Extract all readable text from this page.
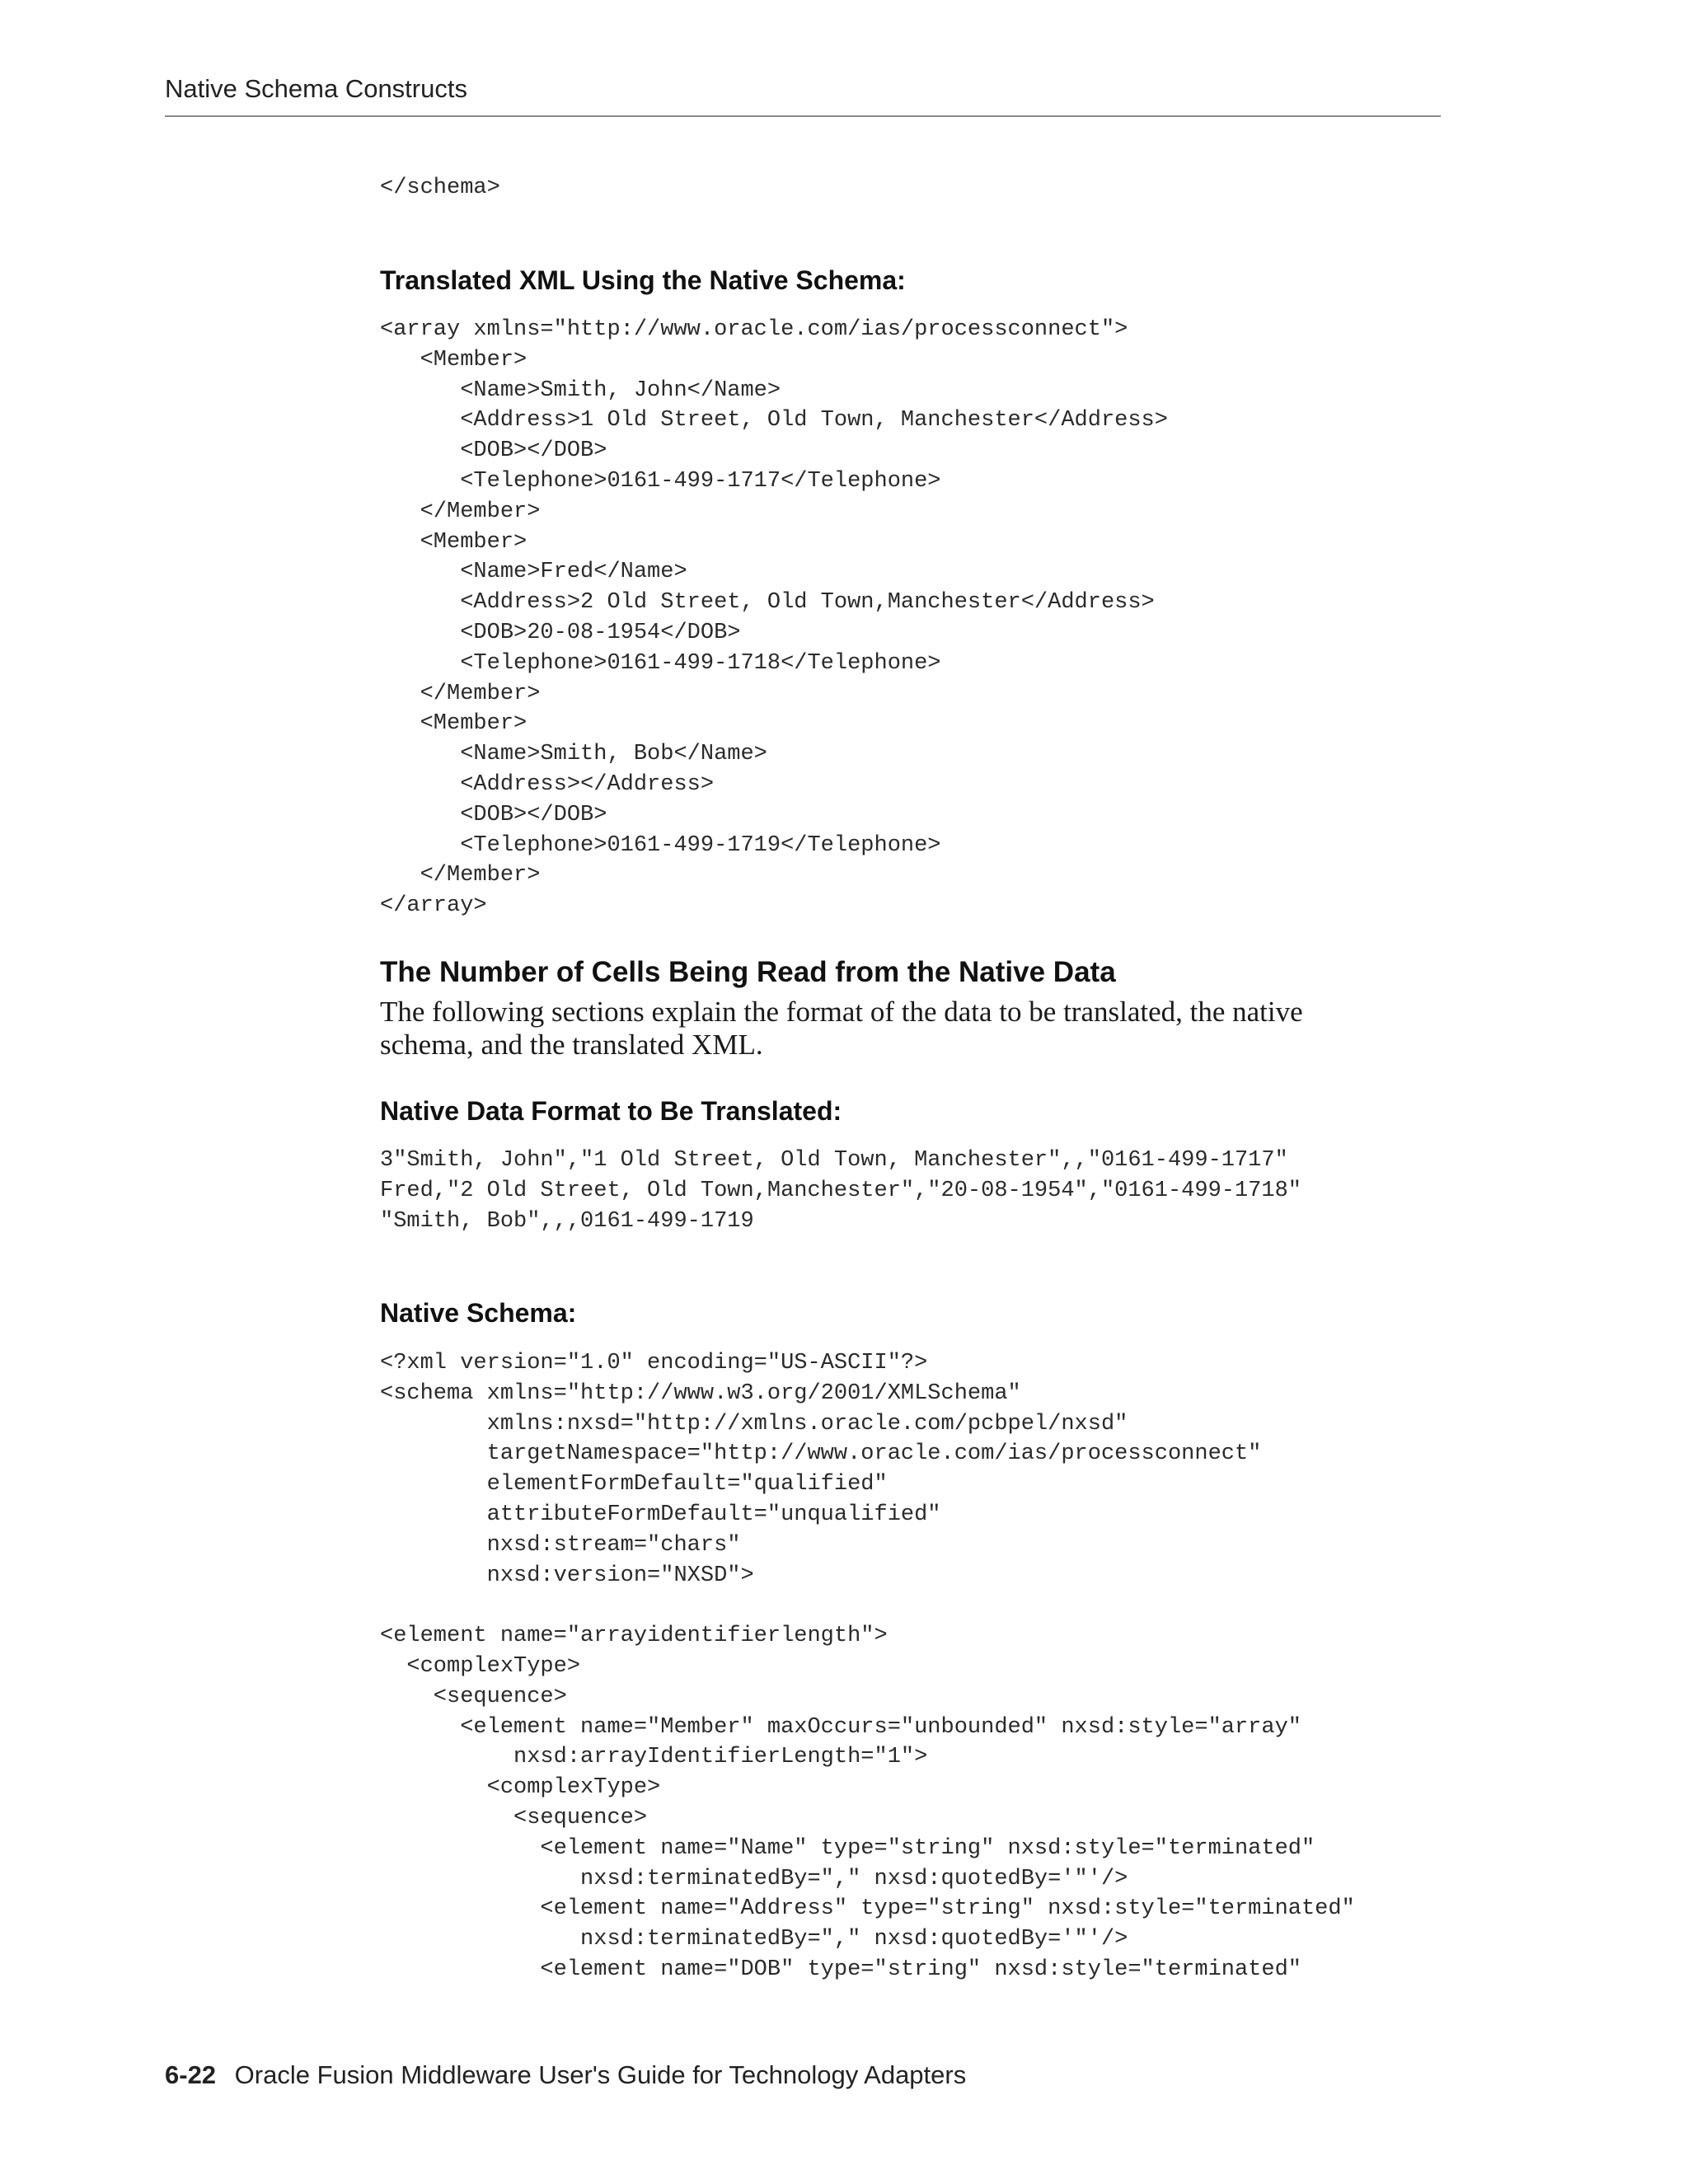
Native Schema Constructs
</schema>
Translated XML Using the Native Schema:
<array xmlns="http://www.oracle.com/ias/processconnect">
<Member>
<Name>Smith, John</Name>
<Address>1 Old Street, Old Town, Manchester</Address>
<DOB></DOB>
<Telephone>0161-499-1717</Telephone>
</Member>
<Member>
<Name>Fred</Name>
<Address>2 Old Street, Old Town,Manchester</Address>
<DOB>20-08-1954</DOB>
<Telephone>0161-499-1718</Telephone>
</Member>
<Member>
<Name>Smith, Bob</Name>
<Address></Address>
<DOB></DOB>
<Telephone>0161-499-1719</Telephone>
</Member>
</array>
The Number of Cells Being Read from the Native Data

The following sections explain the format of the data to be translated, the native schema, and the translated XML.

Native Data Format to Be Translated:
3"Smith, John","1 Old Street, Old Town, Manchester",,"0161-499-1717"
Fred,"2 Old Street, Old Town,Manchester","20-08-1954","0161-499-1718"
"Smith, Bob",,,0161-499-1719
Native Schema:
<?xml version="1.0" encoding="US-ASCII"?>
<schema xmlns="http://www.w3.org/2001/XMLSchema"
xmlns:nxsd="http://xmlns.oracle.com/pcbpel/nxsd"
targetNamespace="http://www.oracle.com/ias/processconnect"
elementFormDefault="qualified"
attributeFormDefault="unqualified"
nxsd:stream="chars"
nxsd:version="NXSD">

<element name="arrayidentifierlength">
<complexType>
<sequence>
<element name="Member" maxOccurs="unbounded" nxsd:style="array"
nxsd:arrayIdentifierLength="1">
<complexType>
<sequence>
<element name="Name" type="string" nxsd:style="terminated"
nxsd:terminatedBy="," nxsd:quotedBy='"'/>
<element name="Address" type="string" nxsd:style="terminated"
nxsd:terminatedBy="," nxsd:quotedBy='"'/>
<element name="DOB" type="string" nxsd:style="terminated"
6-22 Oracle Fusion Middleware User's Guide for Technology Adapters
